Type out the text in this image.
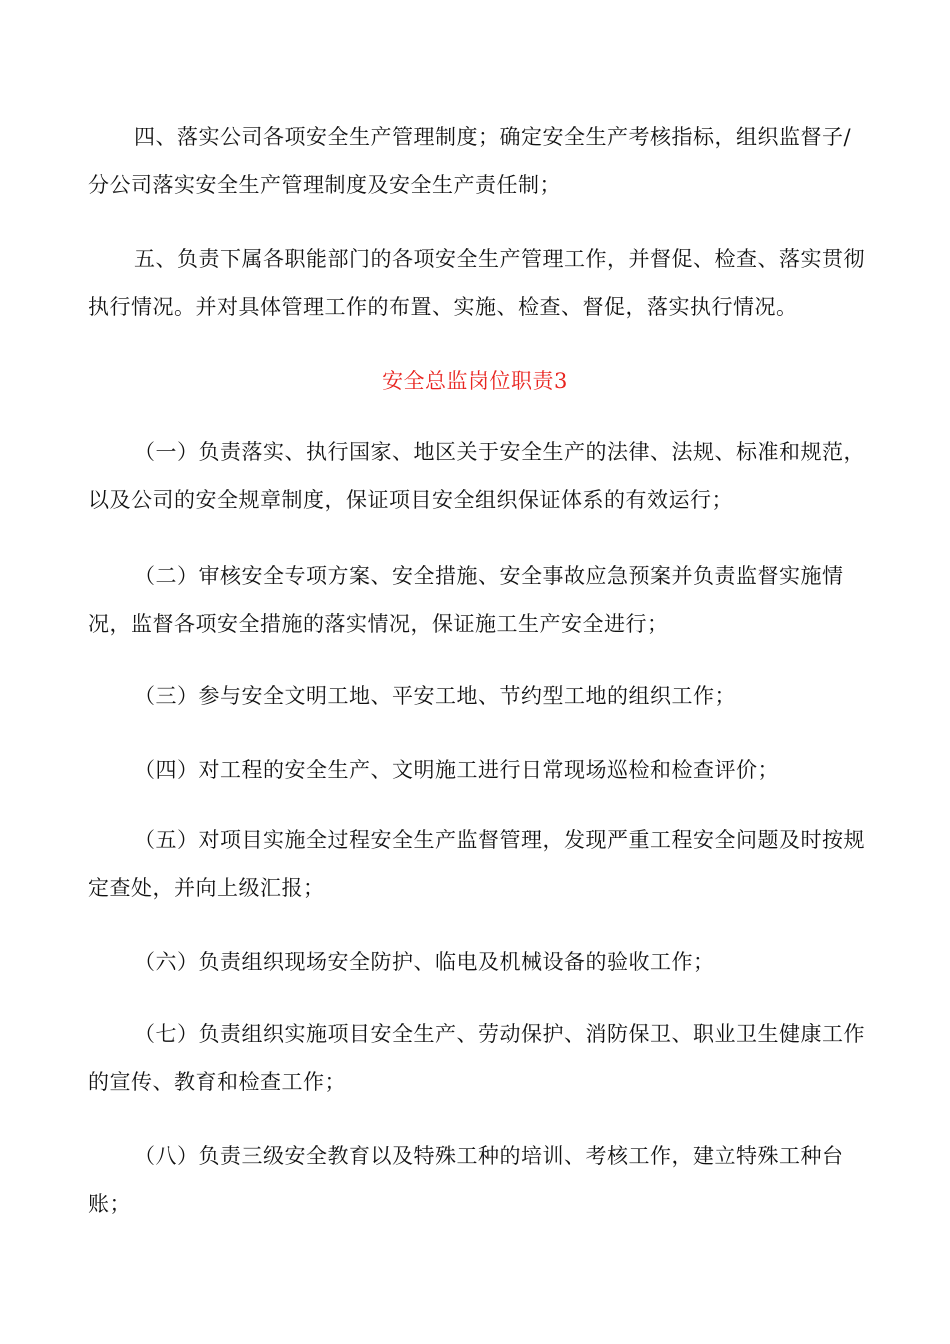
四、落实公司各项安全生产管理制度；确定安全生产考核指标，组织监督子/分公司落实安全生产管理制度及安全生产责任制；

五、负责下属各职能部门的各项安全生产管理工作，并督促、检查、落实贯彻执行情况。并对具体管理工作的布置、实施、检查、督促，落实执行情况。

安全总监岗位职责3

（一）负责落实、执行国家、地区关于安全生产的法律、法规、标准和规范，以及公司的安全规章制度，保证项目安全组织保证体系的有效运行；

（二）审核安全专项方案、安全措施、安全事故应急预案并负责监督实施情况，监督各项安全措施的落实情况，保证施工生产安全进行；

（三）参与安全文明工地、平安工地、节约型工地的组织工作；

（四）对工程的安全生产、文明施工进行日常现场巡检和检查评价；

（五）对项目实施全过程安全生产监督管理，发现严重工程安全问题及时按规定查处，并向上级汇报；

（六）负责组织现场安全防护、临电及机械设备的验收工作；

（七）负责组织实施项目安全生产、劳动保护、消防保卫、职业卫生健康工作的宣传、教育和检查工作；

（八）负责三级安全教育以及特殊工种的培训、考核工作，建立特殊工种台账；
